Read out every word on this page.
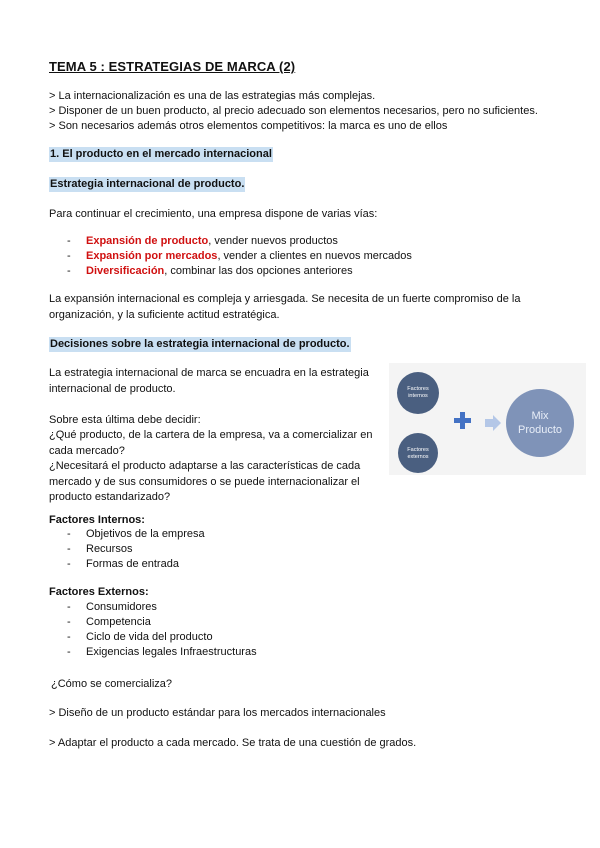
TEMA 5 : ESTRATEGIAS DE MARCA (2)
> La internacionalización es una de las estrategias más complejas.
> Disponer de un buen producto, al precio adecuado son elementos necesarios, pero no suficientes.
> Son necesarios además otros elementos competitivos: la marca es uno de ellos
1. El producto en el mercado internacional
Estrategia internacional de producto.
Para continuar el crecimiento, una empresa dispone de varias vías:
- Expansión de producto, vender nuevos productos
- Expansión por mercados, vender a clientes en nuevos mercados
- Diversificación, combinar las dos opciones anteriores
La expansión internacional es compleja y arriesgada. Se necesita de un fuerte compromiso de la
organización, y la suficiente actitud estratégica.
Decisiones sobre la estrategia internacional de producto.
La estrategia internacional de marca se encuadra en la estrategia
internacional de producto.
Sobre esta última debe decidir:
¿Qué producto, de la cartera de la empresa, va a comercializar en
cada mercado?
¿Necesitará el producto adaptarse a las características de cada
mercado y de sus consumidores o se puede internacionalizar el
producto estandarizado?
Factores
internos
Factores
externos
Mix
Producto
Factores Internos:
- Objetivos de la empresa
- Recursos
- Formas de entrada
Factores Externos:
- Consumidores
- Competencia
- Ciclo de vida del producto
- Exigencias legales Infraestructuras
¿Cómo se comercializa?
> Diseño de un producto estándar para los mercados internacionales
> Adaptar el producto a cada mercado. Se trata de una cuestión de grados.
